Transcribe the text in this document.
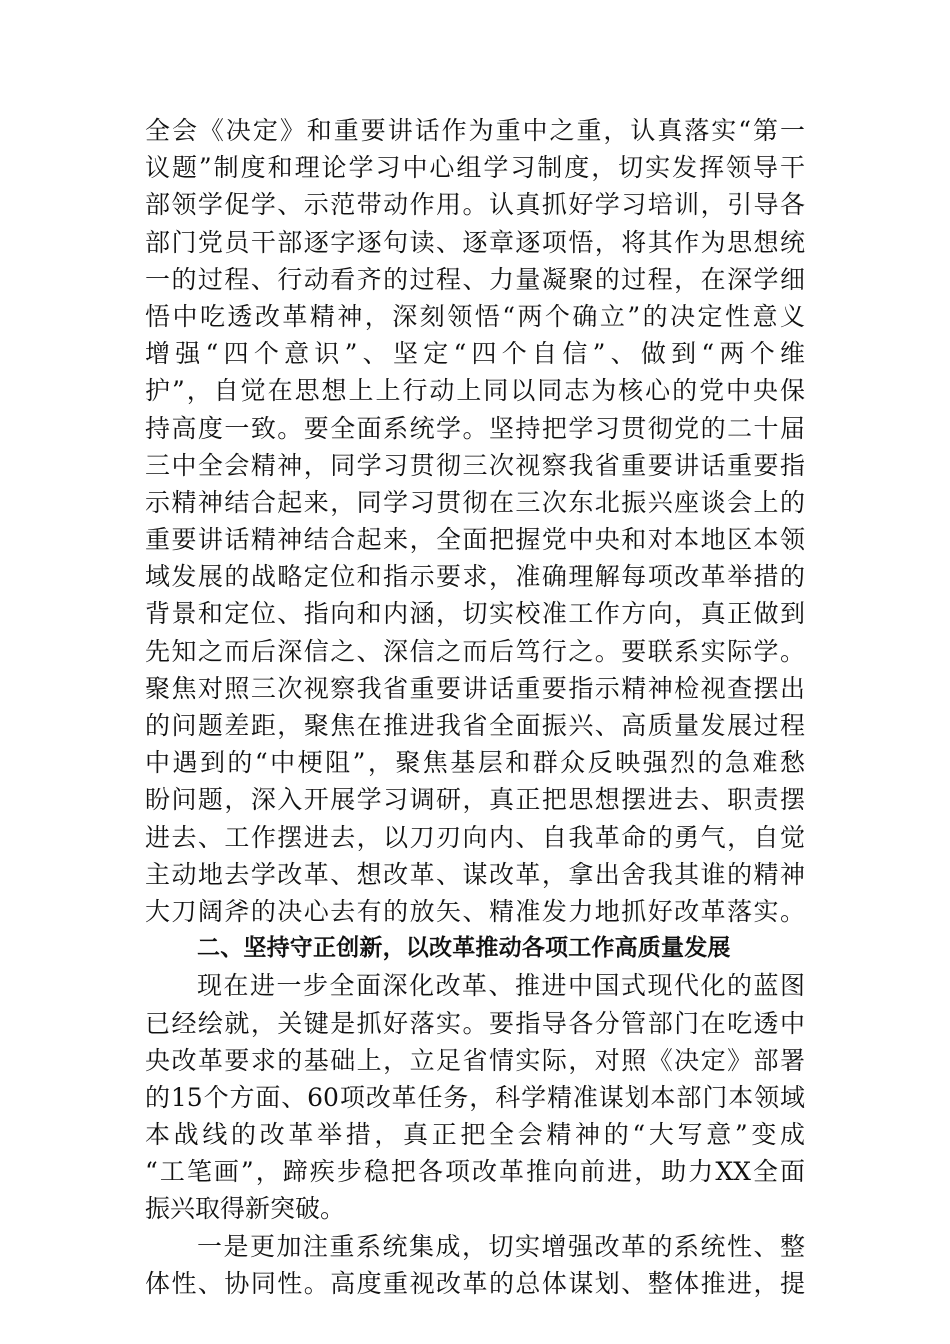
全会《决定》和重要讲话作为重中之重，认真落实“第一
议题”制度和理论学习中心组学习制度，切实发挥领导干
部领学促学、示范带动作用。认真抓好学习培训，引导各
部门党员干部逐字逐句读、逐章逐项悟，将其作为思想统
一的过程、行动看齐的过程、力量凝聚的过程，在深学细
悟中吃透改革精神，深刻领悟“两个确立”的决定性意义
增强“四个意识”、坚定“四个自信”、做到“两个维
护”，自觉在思想上上行动上同以同志为核心的党中央保
持高度一致。要全面系统学。坚持把学习贯彻党的二十届
三中全会精神，同学习贯彻三次视察我省重要讲话重要指
示精神结合起来，同学习贯彻在三次东北振兴座谈会上的
重要讲话精神结合起来，全面把握党中央和对本地区本领
域发展的战略定位和指示要求，准确理解每项改革举措的
背景和定位、指向和内涵，切实校准工作方向，真正做到
先知之而后深信之、深信之而后笃行之。要联系实际学。
聚焦对照三次视察我省重要讲话重要指示精神检视查摆出
的问题差距，聚焦在推进我省全面振兴、高质量发展过程
中遇到的“中梗阻”，聚焦基层和群众反映强烈的急难愁
盼问题，深入开展学习调研，真正把思想摆进去、职责摆
进去、工作摆进去，以刀刃向内、自我革命的勇气，自觉
主动地去学改革、想改革、谋改革，拿出舍我其谁的精神
大刀阔斧的决心去有的放矢、精准发力地抓好改革落实。
二、坚持守正创新，以改革推动各项工作高质量发展
现在进一步全面深化改革、推进中国式现代化的蓝图
已经绘就，关键是抓好落实。要指导各分管部门在吃透中
央改革要求的基础上，立足省情实际，对照《决定》部署
的15个方面、60项改革任务，科学精准谋划本部门本领域
本战线的改革举措，真正把全会精神的“大写意”变成
“工笔画”，蹄疾步稳把各项改革推向前进，助力XX全面
振兴取得新突破。
一是更加注重系统集成，切实增强改革的系统性、整
体性、协同性。高度重视改革的总体谋划、整体推进，提
